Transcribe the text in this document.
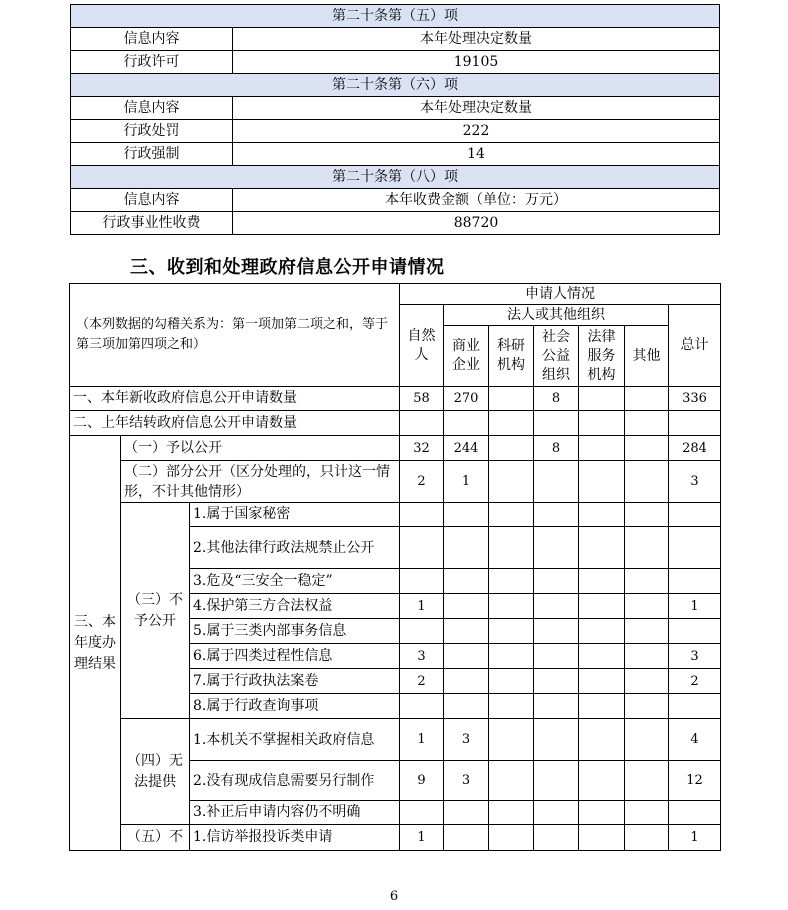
第二十条第（五）项	
信息内容	本年处理决定数量
行政许可	19105
第二十条第（六）项	
信息内容	本年处理决定数量
行政处罚	222
行政强制	14
第二十条第（八）项	
信息内容	本年收费金额（单位：万元）
行政事业性收费	88720
三、收到和处理政府信息公开申请情况
（本列数据的勾稽关系为：第一项加第二项之和，等于第三项加第四项之和）			申请人情况						
			自然人	法人或其他组织					总计
				商业企业	科研机构	社会公益组织	法律服务机构	其他	
一、本年新收政府信息公开申请数量			58	270		8			336
二、上年结转政府信息公开申请数量									
三、本年度办理结果	（一）予以公开		32	244		8			284
	（二）部分公开（区分处理的，只计这一情形，不计其他情形）		2	1					3
	（三）不予公开	1.属于国家秘密							
		2.其他法律行政法规禁止公开							
		3.危及“三安全一稳定”							
		4.保护第三方合法权益	1						1
		5.属于三类内部事务信息							
		6.属于四类过程性信息	3						3
		7.属于行政执法案卷	2						2
		8.属于行政查询事项							
	（四）无法提供	1.本机关不掌握相关政府信息	1	3					4
		2.没有现成信息需要另行制作	9	3					12
		3.补正后申请内容仍不明确							
	（五）不	1.信访举报投诉类申请	1						1
6
